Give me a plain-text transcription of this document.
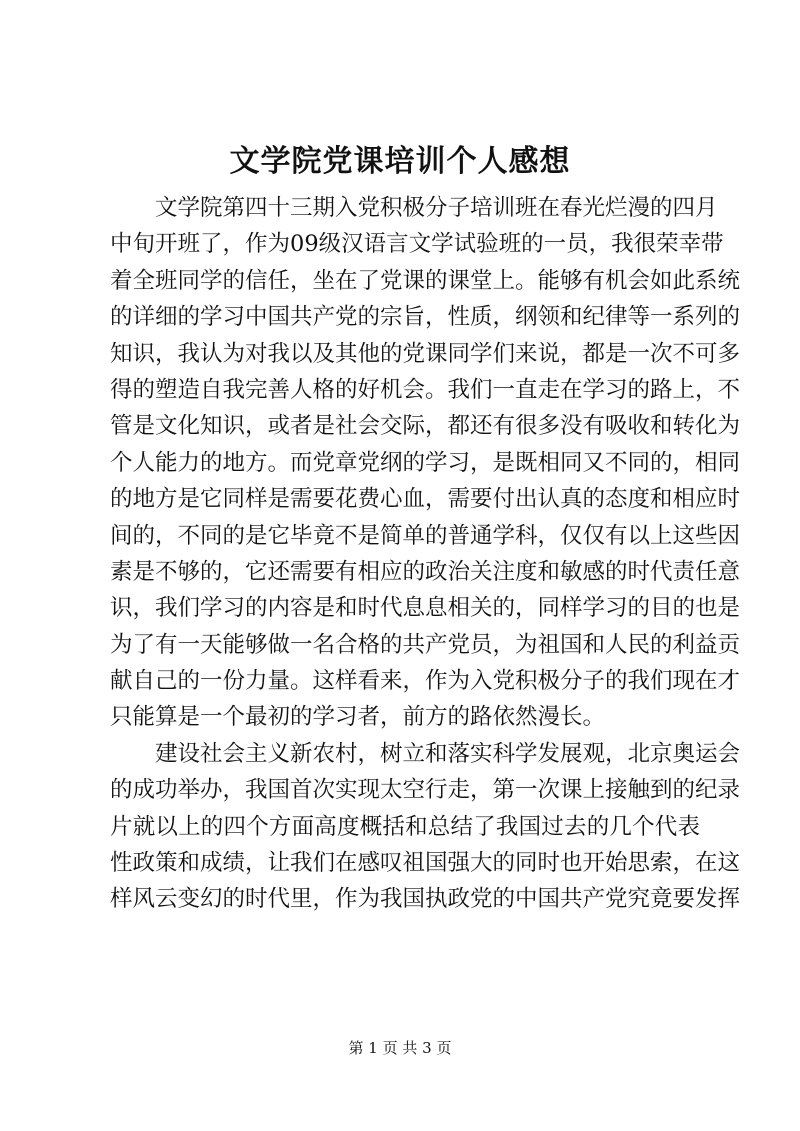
文学院党课培训个人感想
文学院第四十三期入党积极分子培训班在春光烂漫的四月
中旬开班了，作为09级汉语言文学试验班的一员，我很荣幸带
着全班同学的信任，坐在了党课的课堂上。能够有机会如此系统
的详细的学习中国共产党的宗旨，性质，纲领和纪律等一系列的
知识，我认为对我以及其他的党课同学们来说，都是一次不可多
得的塑造自我完善人格的好机会。我们一直走在学习的路上，不
管是文化知识，或者是社会交际，都还有很多没有吸收和转化为
个人能力的地方。而党章党纲的学习，是既相同又不同的，相同
的地方是它同样是需要花费心血，需要付出认真的态度和相应时
间的，不同的是它毕竟不是简单的普通学科，仅仅有以上这些因
素是不够的，它还需要有相应的政治关注度和敏感的时代责任意
识，我们学习的内容是和时代息息相关的，同样学习的目的也是
为了有一天能够做一名合格的共产党员，为祖国和人民的利益贡
献自己的一份力量。这样看来，作为入党积极分子的我们现在才
只能算是一个最初的学习者，前方的路依然漫长。
建设社会主义新农村，树立和落实科学发展观，北京奥运会
的成功举办，我国首次实现太空行走，第一次课上接触到的纪录
片就以上的四个方面高度概括和总结了我国过去的几个代表
性政策和成绩，让我们在感叹祖国强大的同时也开始思索，在这
样风云变幻的时代里，作为我国执政党的中国共产党究竟要发挥
第 1 页 共 3 页
